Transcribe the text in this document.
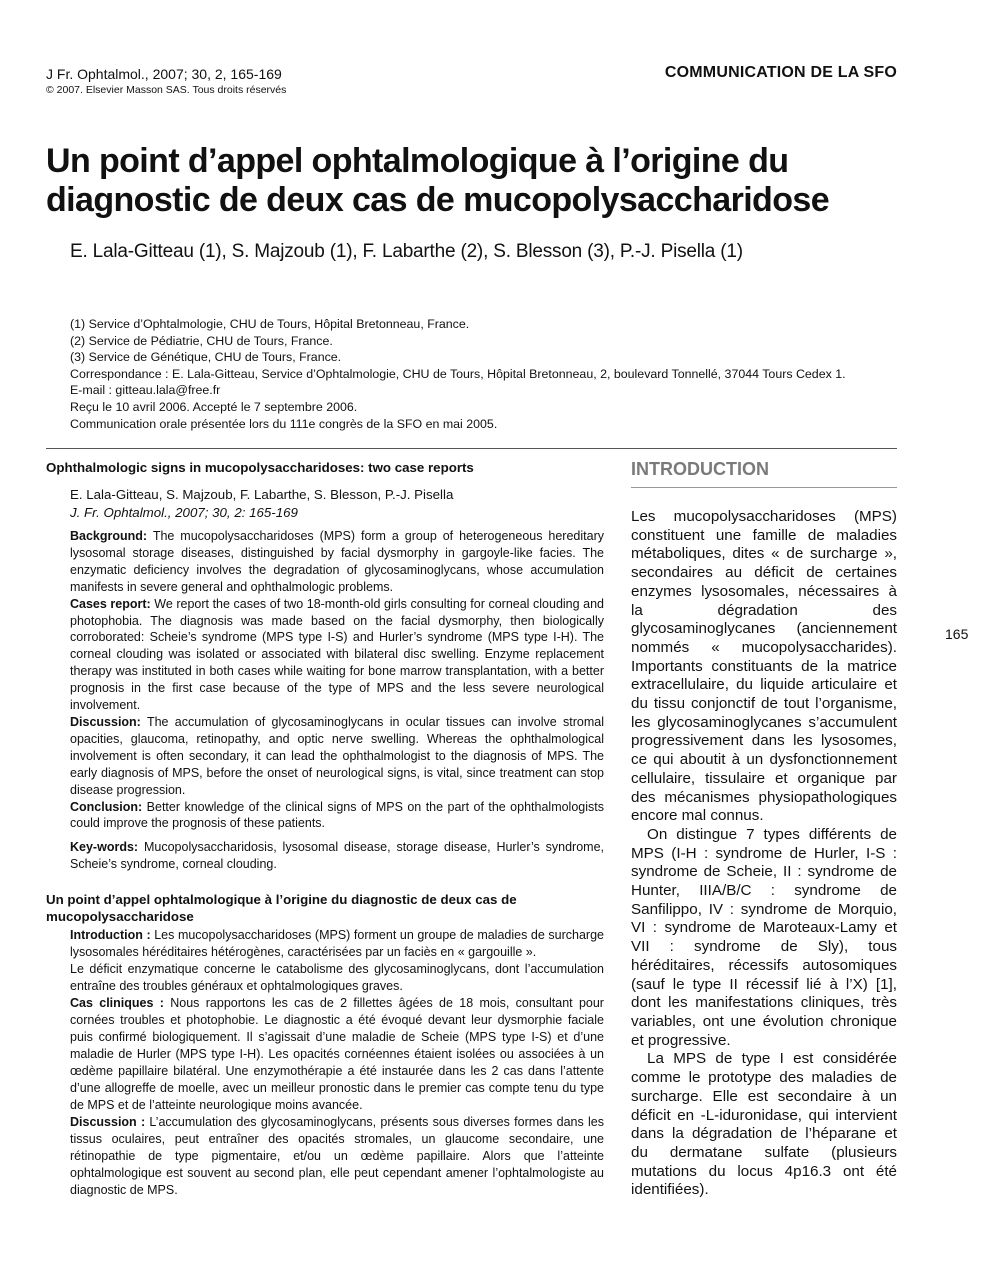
J Fr. Ophtalmol., 2007; 30, 2, 165-169
© 2007. Elsevier Masson SAS. Tous droits réservés
COMMUNICATION DE LA SFO
Un point d’appel ophtalmologique à l’origine du diagnostic de deux cas de mucopolysaccharidose
E. Lala-Gitteau (1), S. Majzoub (1), F. Labarthe (2), S. Blesson (3), P.-J. Pisella (1)
(1) Service d’Ophtalmologie, CHU de Tours, Hôpital Bretonneau, France.
(2) Service de Pédiatrie, CHU de Tours, France.
(3) Service de Génétique, CHU de Tours, France.
Correspondance : E. Lala-Gitteau, Service d’Ophtalmologie, CHU de Tours, Hôpital Bretonneau, 2, boulevard Tonnellé, 37044 Tours Cedex 1.
E-mail : gitteau.lala@free.fr
Reçu le 10 avril 2006. Accepté le 7 septembre 2006.
Communication orale présentée lors du 111e congrès de la SFO en mai 2005.
Ophthalmologic signs in mucopolysaccharidoses: two case reports
E. Lala-Gitteau, S. Majzoub, F. Labarthe, S. Blesson, P.-J. Pisella
J. Fr. Ophtalmol., 2007; 30, 2: 165-169

Background: The mucopolysaccharidoses (MPS) form a group of heterogeneous hereditary lysosomal storage diseases, distinguished by facial dysmorphy in gargoyle-like facies. The enzymatic deficiency involves the degradation of glycosaminoglycans, whose accumulation manifests in severe general and ophthalmologic problems.

Cases report: We report the cases of two 18-month-old girls consulting for corneal clouding and photophobia. The diagnosis was made based on the facial dysmorphy, then biologically corroborated: Scheie’s syndrome (MPS type I-S) and Hurler’s syndrome (MPS type I-H). The corneal clouding was isolated or associated with bilateral disc swelling. Enzyme replacement therapy was instituted in both cases while waiting for bone marrow transplantation, with a better prognosis in the first case because of the type of MPS and the less severe neurological involvement.

Discussion: The accumulation of glycosaminoglycans in ocular tissues can involve stromal opacities, glaucoma, retinopathy, and optic nerve swelling. Whereas the ophthalmological involvement is often secondary, it can lead the ophthalmologist to the diagnosis of MPS. The early diagnosis of MPS, before the onset of neurological signs, is vital, since treatment can stop disease progression.

Conclusion: Better knowledge of the clinical signs of MPS on the part of the ophthalmologists could improve the prognosis of these patients.

Key-words: Mucopolysaccharidosis, lysosomal disease, storage disease, Hurler’s syndrome, Scheie’s syndrome, corneal clouding.
Un point d’appel ophtalmologique à l’origine du diagnostic de deux cas de mucopolysaccharidose

Introduction : Les mucopolysaccharidoses (MPS) forment un groupe de maladies de surcharge lysosomales héréditaires hétérogènes, caractérisées par un faciès en « gargouille ».

Le déficit enzymatique concerne le catabolisme des glycosaminoglycans, dont l’accumulation entraîne des troubles généraux et ophtalmologiques graves.

Cas cliniques : Nous rapportons les cas de 2 fillettes âgées de 18 mois, consultant pour cornées troubles et photophobie. Le diagnostic a été évoqué devant leur dysmorphie faciale puis confirmé biologiquement. Il s’agissait d’une maladie de Scheie (MPS type I-S) et d’une maladie de Hurler (MPS type I-H). Les opacités cornéennes étaient isolées ou associées à un œdème papillaire bilatéral. Une enzymothérapie a été instaurée dans les 2 cas dans l’attente d’une allogreffe de moelle, avec un meilleur pronostic dans le premier cas compte tenu du type de MPS et de l’atteinte neurologique moins avancée.

Discussion : L’accumulation des glycosaminoglycans, présents sous diverses formes dans les tissus oculaires, peut entraîner des opacités stromales, un glaucome secondaire, une rétinopathie de type pigmentaire, et/ou un œdème papillaire. Alors que l’atteinte ophtalmologique est souvent au second plan, elle peut cependant amener l’ophtalmologiste au diagnostic de MPS.

INTRODUCTION

Les mucopolysaccharidoses (MPS) constituent une famille de maladies métaboliques, dites « de surcharge », secondaires au déficit de certaines enzymes lysosomales, nécessaires à la dégradation des glycosaminoglycanes (anciennement nommés « mucopolysaccharides). Importants constituants de la matrice extracellulaire, du liquide articulaire et du tissu conjonctif de tout l’organisme, les glycosaminoglycanes s’accumulent progressivement dans les lysosomes, ce qui aboutit à un dysfonctionnement cellulaire, tissulaire et organique par des mécanismes physiopathologiques encore mal connus.

On distingue 7 types différents de MPS (I-H : syndrome de Hurler, I-S : syndrome de Scheie, II : syndrome de Hunter, IIIA/B/C : syndrome de Sanfilippo, IV : syndrome de Morquio, VI : syndrome de Maroteaux-Lamy et VII : syndrome de Sly), tous héréditaires, récessifs autosomiques (sauf le type II récessif lié à l’X) [1], dont les manifestations cliniques, très variables, ont une évolution chronique et progressive.

La MPS de type I est considérée comme le prototype des maladies de surcharge. Elle est secondaire à un déficit en -L-iduronidase, qui intervient dans la dégradation de l’héparane et du dermatane sulfate (plusieurs mutations du locus 4p16.3 ont été identifiées).

165
